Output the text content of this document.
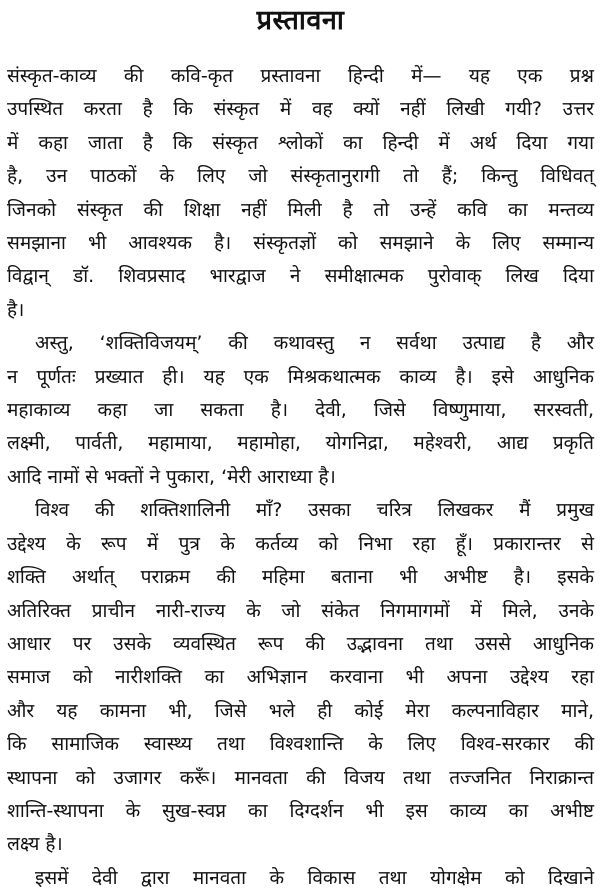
प्रस्तावना
संस्कृत-काव्य की कवि-कृत प्रस्तावना हिन्दी में— यह एक प्रश्न
उपस्थित करता है कि संस्कृत में वह क्यों नहीं लिखी गयी? उत्तर
में कहा जाता है कि संस्कृत श्लोकों का हिन्दी में अर्थ दिया गया
है, उन पाठकों के लिए जो संस्कृतानुरागी तो हैं; किन्तु विधिवत्
जिनको संस्कृत की शिक्षा नहीं मिली है तो उन्हें कवि का मन्तव्य
समझाना भी आवश्यक है। संस्कृतज्ञों को समझाने के लिए सम्मान्य
विद्वान् डॉ. शिवप्रसाद भारद्वाज ने समीक्षात्मक पुरोवाक् लिख दिया
है।
अस्तु, ‘शक्तिविजयम्’ की कथावस्तु न सर्वथा उत्पाद्य है और
न पूर्णतः प्रख्यात ही। यह एक मिश्रकथात्मक काव्य है। इसे आधुनिक
महाकाव्य कहा जा सकता है। देवी, जिसे विष्णुमाया, सरस्वती,
लक्ष्मी, पार्वती, महामाया, महामोहा, योगनिद्रा, महेश्वरी, आद्य प्रकृति
आदि नामों से भक्तों ने पुकारा, ‘मेरी आराध्या है।
विश्व की शक्तिशालिनी माँ? उसका चरित्र लिखकर मैं प्रमुख
उद्देश्य के रूप में पुत्र के कर्तव्य को निभा रहा हूँ। प्रकारान्तर से
शक्ति अर्थात् पराक्रम की महिमा बताना भी अभीष्ट है। इसके
अतिरिक्त प्राचीन नारी-राज्य के जो संकेत निगमागमों में मिले, उनके
आधार पर उसके व्यवस्थित रूप की उद्भावना तथा उससे आधुनिक
समाज को नारीशक्ति का अभिज्ञान करवाना भी अपना उद्देश्य रहा
और यह कामना भी, जिसे भले ही कोई मेरा कल्पनाविहार माने,
कि सामाजिक स्वास्थ्य तथा विश्वशान्ति के लिए विश्व-सरकार की
स्थापना को उजागर करूँ। मानवता की विजय तथा तज्जनित निराक्रान्त
शान्ति-स्थापना के सुख-स्वप्न का दिग्दर्शन भी इस काव्य का अभीष्ट
लक्ष्य है।
इसमें देवी द्वारा मानवता के विकास तथा योगक्षेम को दिखाने
